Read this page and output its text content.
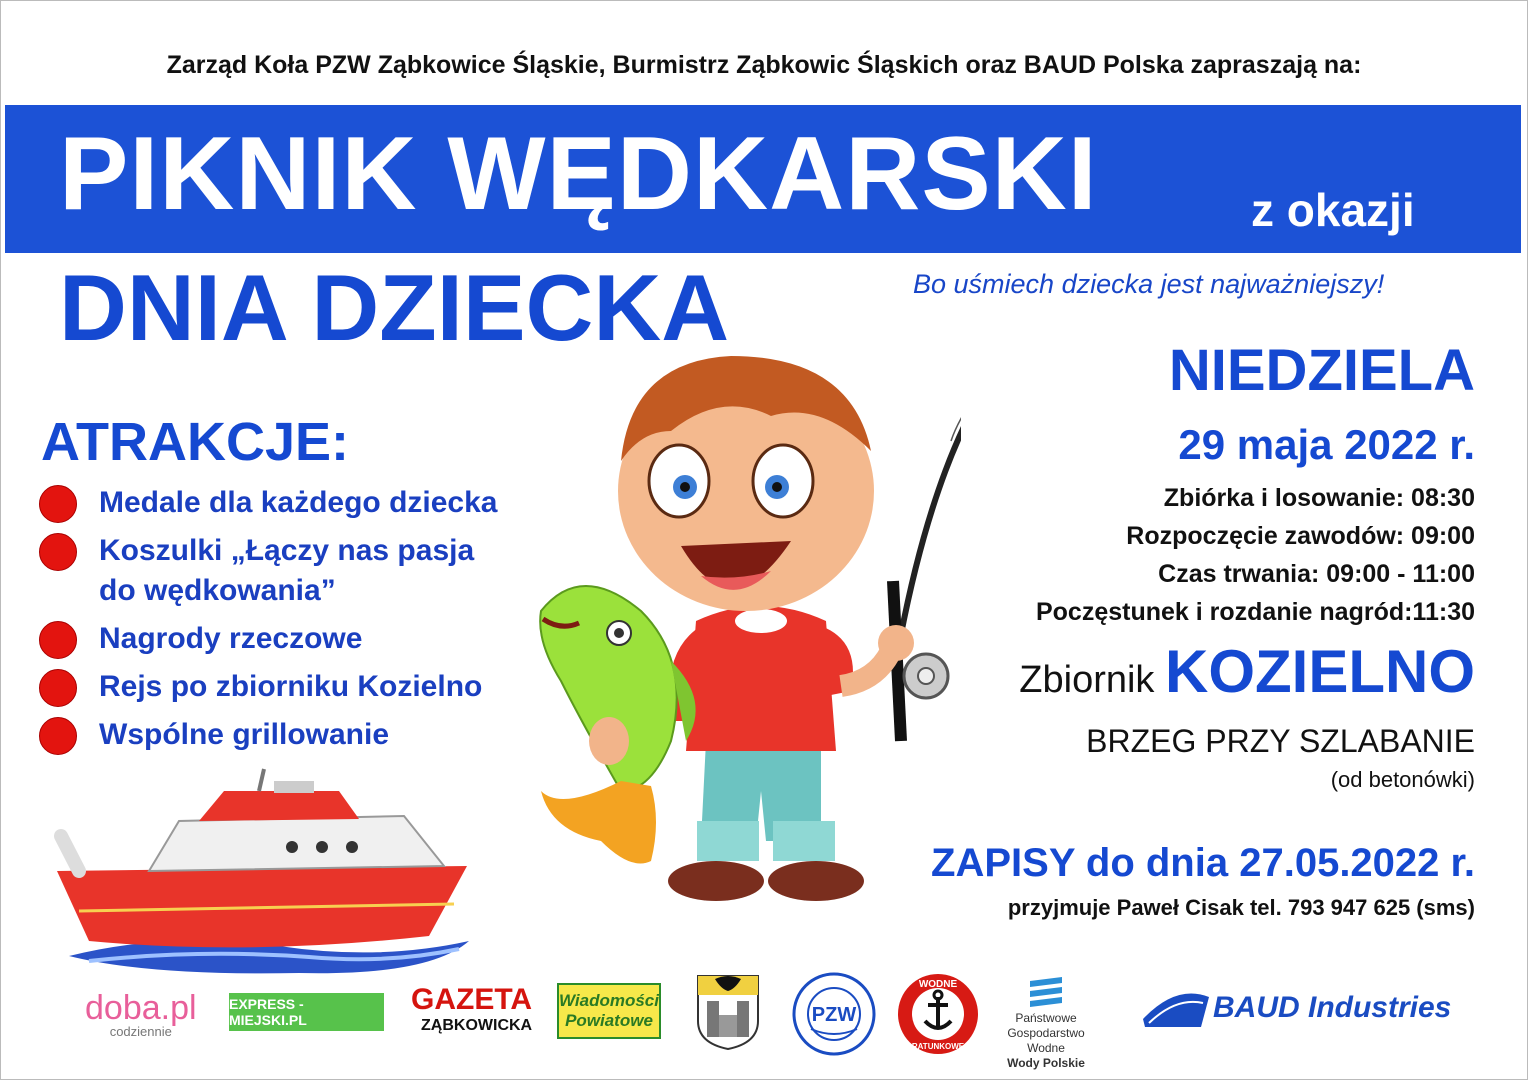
Zarząd Koła PZW Ząbkowice Śląskie, Burmistrz Ząbkowic Śląskich oraz BAUD Polska zapraszają na:
PIKNIK WĘDKARSKI	z okazji
DNIA DZIECKA	Bo uśmiech dziecka jest najważniejszy!
ATRAKCJE:
Medale dla każdego dziecka
Koszulki „Łączy nas pasja
do wędkowania”
Nagrody rzeczowe
Rejs po zbiorniku Kozielno
Wspólne grillowanie
NIEDZIELA
29 maja 2022 r.
Zbiórka i losowanie: 08:30
Rozpoczęcie zawodów: 09:00
Czas trwania: 09:00 - 11:00
Poczęstunek i rozdanie nagród:11:30
Zbiornik KOZIELNO
BRZEG PRZY SZLABANIE
(od betonówki)
ZAPISY do dnia 27.05.2022 r.
przyjmuje Paweł Cisak tel. 793 947 625 (sms)
doba.pl
codziennie
EXPRESS - MIEJSKI.PL
GAZETA
ZĄBKOWICKA
Wiadomości Powiatowe	PZW
WODNE
RATUNKOWE
Państwowe
Gospodarstwo Wodne
Wody Polskie
BAUD Industries
